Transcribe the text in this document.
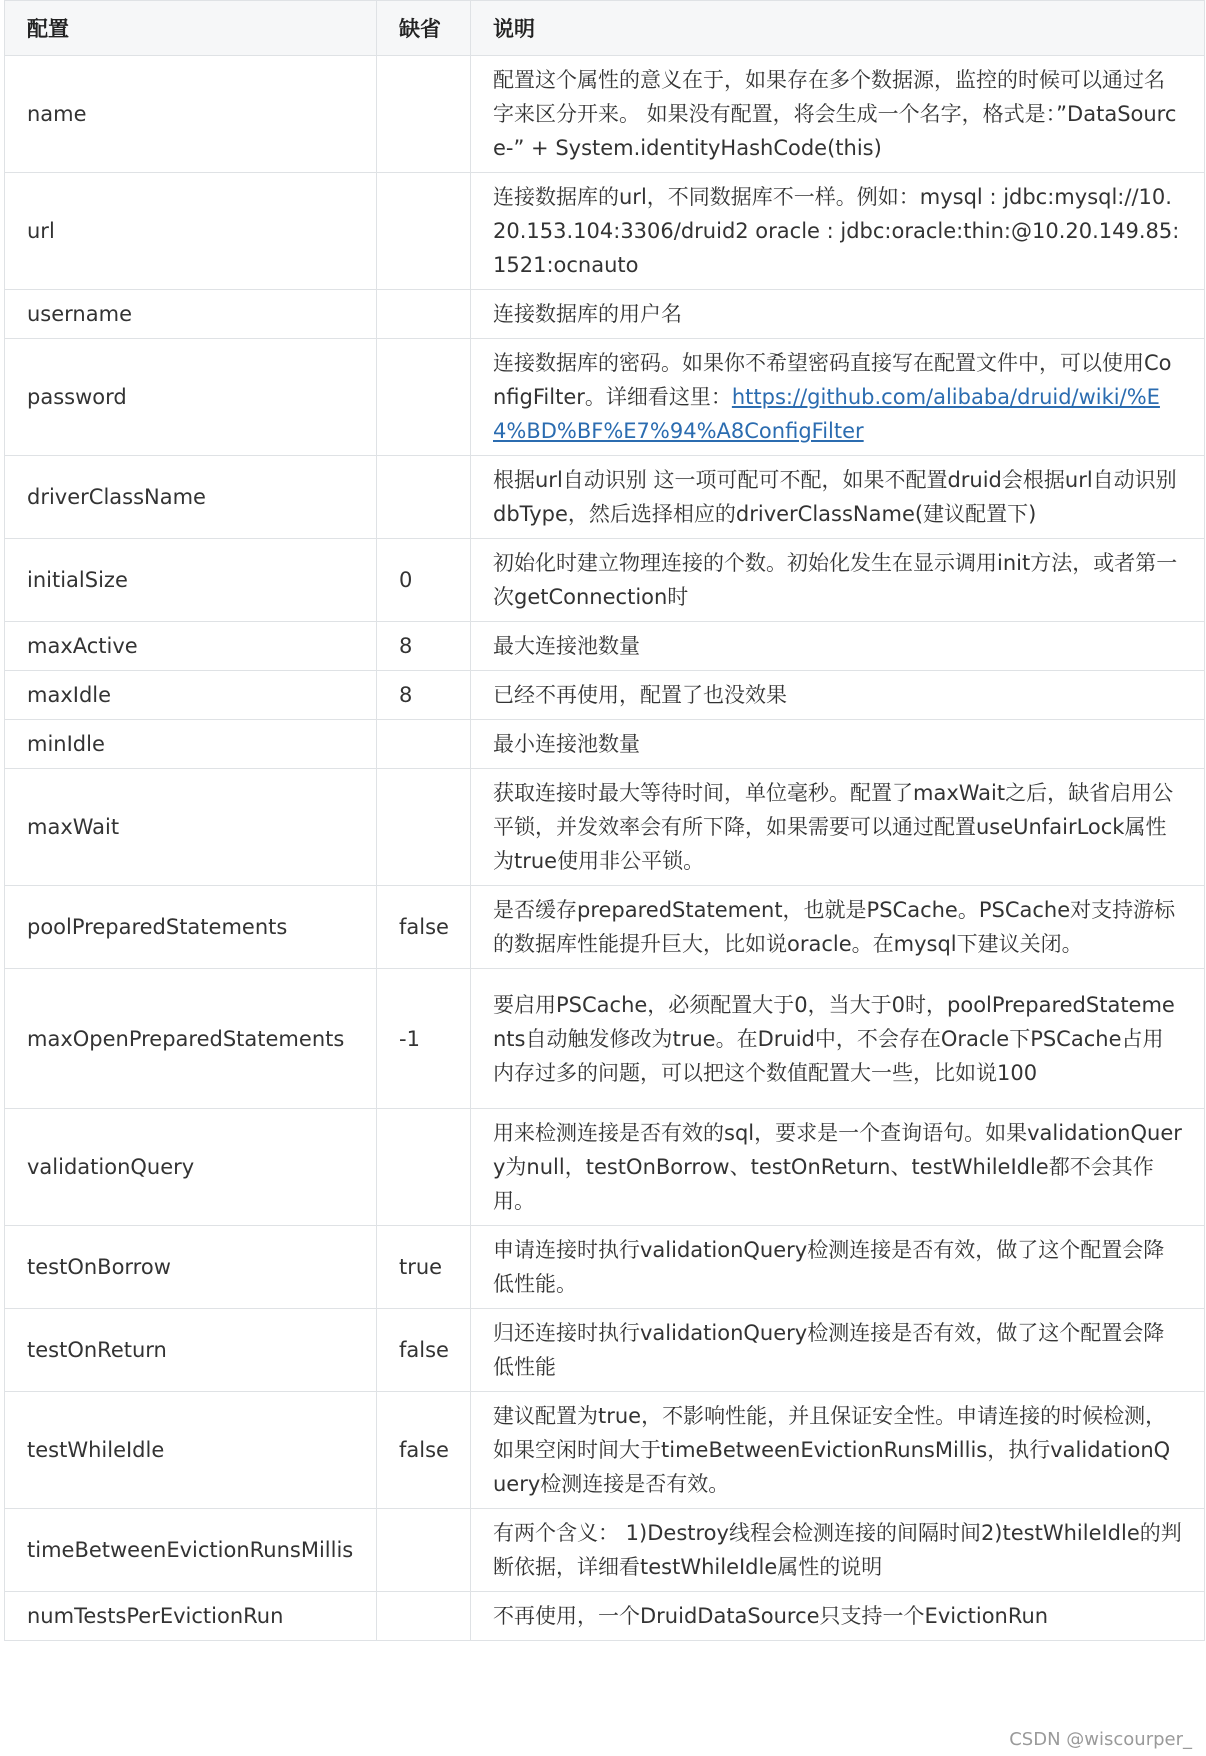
配置	缺省	说明
name		配置这个属性的意义在于，如果存在多个数据源，监控的时候可以通过名字来区分开来。 如果没有配置，将会生成一个名字，格式是：”DataSource-” + System.identityHashCode(this)
url		连接数据库的url，不同数据库不一样。例如：mysql : jdbc:mysql://10.20.153.104:3306/druid2 oracle : jdbc:oracle:thin:@10.20.149.85:1521:ocnauto
username		连接数据库的用户名
password		连接数据库的密码。如果你不希望密码直接写在配置文件中，可以使用ConfigFilter。详细看这里：https://github.com/alibaba/druid/wiki/%E4%BD%BF%E7%94%A8ConfigFilter
driverClassName		根据url自动识别 这一项可配可不配，如果不配置druid会根据url自动识别dbType，然后选择相应的driverClassName(建议配置下)
initialSize	0	初始化时建立物理连接的个数。初始化发生在显示调用init方法，或者第一次getConnection时
maxActive	8	最大连接池数量
maxIdle	8	已经不再使用，配置了也没效果
minIdle		最小连接池数量
maxWait		获取连接时最大等待时间，单位毫秒。配置了maxWait之后，缺省启用公平锁，并发效率会有所下降，如果需要可以通过配置useUnfairLock属性为true使用非公平锁。
poolPreparedStatements	false	是否缓存preparedStatement，也就是PSCache。PSCache对支持游标的数据库性能提升巨大，比如说oracle。在mysql下建议关闭。
maxOpenPreparedStatements	-1	要启用PSCache，必须配置大于0，当大于0时，poolPreparedStatements自动触发修改为true。在Druid中，不会存在Oracle下PSCache占用内存过多的问题，可以把这个数值配置大一些，比如说100
validationQuery		用来检测连接是否有效的sql，要求是一个查询语句。如果validationQuery为null，testOnBorrow、testOnReturn、testWhileIdle都不会其作用。
testOnBorrow	true	申请连接时执行validationQuery检测连接是否有效，做了这个配置会降低性能。
testOnReturn	false	归还连接时执行validationQuery检测连接是否有效，做了这个配置会降低性能
testWhileIdle	false	建议配置为true，不影响性能，并且保证安全性。申请连接的时候检测，如果空闲时间大于timeBetweenEvictionRunsMillis，执行validationQuery检测连接是否有效。
timeBetweenEvictionRunsMillis		有两个含义： 1)Destroy线程会检测连接的间隔时间2)testWhileIdle的判断依据，详细看testWhileIdle属性的说明
numTestsPerEvictionRun		不再使用，一个DruidDataSource只支持一个EvictionRun
CSDN @wiscourper_
